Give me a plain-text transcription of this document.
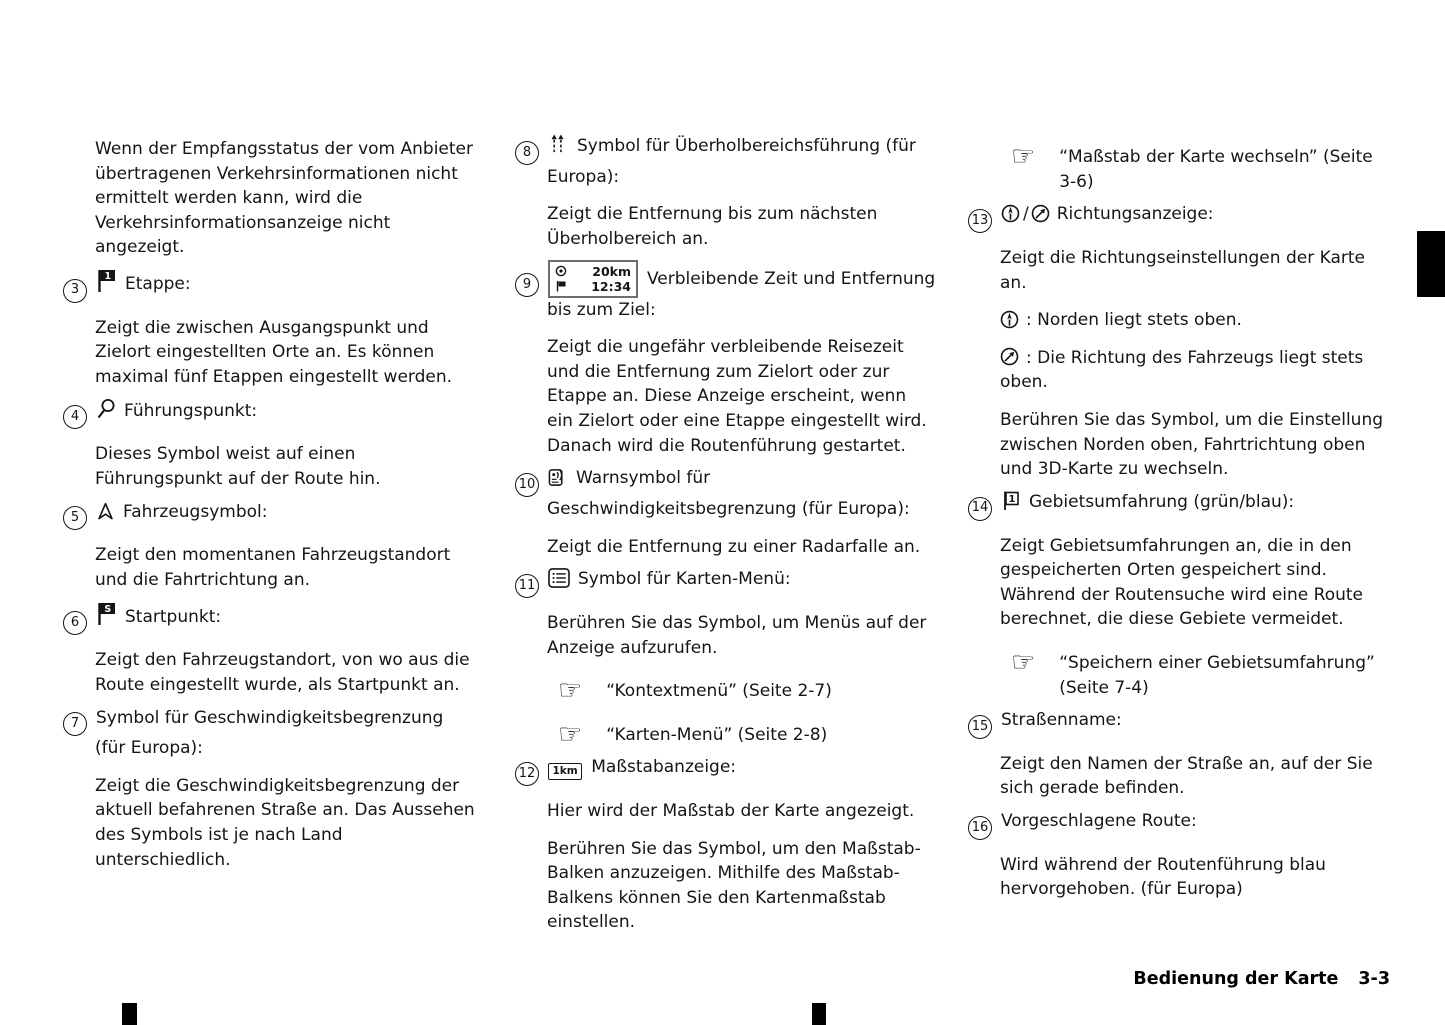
Wenn der Empfangsstatus der vom Anbieter übertragenen Verkehrsinformationen nicht ermittelt werden kann, wird die Verkehrsinformationsanzeige nicht angezeigt.

3
1 Etappe:

Zeigt die zwischen Ausgangspunkt und Zielort eingestellten Orte an. Es können maximal fünf Etappen eingestellt werden.

4	Führungspunkt:

Dieses Symbol weist auf einen Führungspunkt auf der Route hin.

5	Fahrzeugsymbol:

Zeigt den momentanen Fahrzeugstandort und die Fahrtrichtung an.

6
S Startpunkt:

Zeigt den Fahrzeugstandort, von wo aus die Route eingestellt wurde, als Startpunkt an.

7 Symbol für Geschwindigkeitsbegrenzung (für Europa):

Zeigt die Geschwindigkeitsbegrenzung der aktuell befahrenen Straße an. Das Aussehen des Symbols ist je nach Land unterschiedlich.

8	Symbol für Überholbereichsführung (für Europa):

Zeigt die Entfernung bis zum nächsten Überholbereich an.

9
20km
12:34 Verbleibende Zeit und Entfernung bis zum Ziel:

Zeigt die ungefähr verbleibende Reisezeit und die Entfernung zum Zielort oder zur Etappe an. Diese Anzeige erscheint, wenn ein Zielort oder eine Etappe eingestellt wird. Danach wird die Routenführung gestartet.

10 Warnsymbol für Geschwindigkeitsbegrenzung (für Europa):

Zeigt die Entfernung zu einer Radarfalle an.

11	Symbol für Karten-Menü:

Berühren Sie das Symbol, um Menüs auf der Anzeige aufzurufen.

☞ “Kontextmenü” (Seite 2-7)
☞ “Karten-Menü” (Seite 2-8)
12 1km Maßstabanzeige:

Hier wird der Maßstab der Karte angezeigt.

Berühren Sie das Symbol, um den Maßstab-Balken anzuzeigen. Mithilfe des Maßstab-Balkens können Sie den Kartenmaßstab einstellen.

☞ “Maßstab der Karte wechseln” (Seite 3-6)
13 / Richtungsanzeige:

Zeigt die Richtungseinstellungen der Karte an.

: Norden liegt stets oben.

: Die Richtung des Fahrzeugs liegt stets oben.

Berühren Sie das Symbol, um die Einstellung zwischen Norden oben, Fahrtrichtung oben und 3D-Karte zu wechseln.

14
1 Gebietsumfahrung (grün/blau):

Zeigt Gebietsumfahrungen an, die in den gespeicherten Orten gespeichert sind. Während der Routensuche wird eine Route berechnet, die diese Gebiete vermeidet.

☞ “Speichern einer Gebietsumfahrung” (Seite 7-4)
15 Straßenname:

Zeigt den Namen der Straße an, auf der Sie sich gerade befinden.

16 Vorgeschlagene Route:

Wird während der Routenführung blau hervorgehoben. (für Europa)

Bedienung der Karte 3-3
